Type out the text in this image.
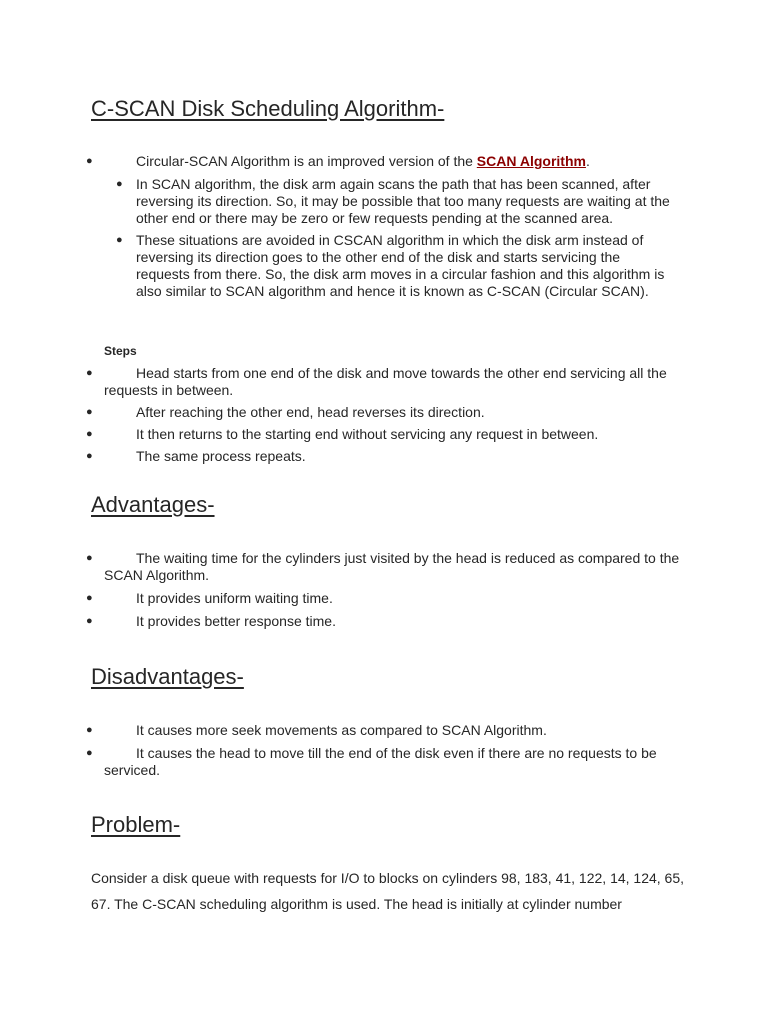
C-SCAN Disk Scheduling Algorithm-
●	Circular-SCAN Algorithm is an improved version of the SCAN Algorithm.
● In SCAN algorithm, the disk arm again scans the path that has been scanned, after reversing its direction. So, it may be possible that too many requests are waiting at the other end or there may be zero or few requests pending at the scanned area.
● These situations are avoided in CSCAN algorithm in which the disk arm instead of reversing its direction goes to the other end of the disk and starts servicing the requests from there. So, the disk arm moves in a circular fashion and this algorithm is also similar to SCAN algorithm and hence it is known as C-SCAN (Circular SCAN).
Steps
●	Head starts from one end of the disk and move towards the other end servicing all the requests in between.
●	After reaching the other end, head reverses its direction.
●	It then returns to the starting end without servicing any request in between.
●	The same process repeats.
Advantages-
●	The waiting time for the cylinders just visited by the head is reduced as compared to the SCAN Algorithm.
●	It provides uniform waiting time.
●	It provides better response time.
Disadvantages-
●	It causes more seek movements as compared to SCAN Algorithm.
●	It causes the head to move till the end of the disk even if there are no requests to be serviced.
Problem-
Consider a disk queue with requests for I/O to blocks on cylinders 98, 183, 41, 122, 14, 124, 65, 67. The C-SCAN scheduling algorithm is used. The head is initially at cylinder number
